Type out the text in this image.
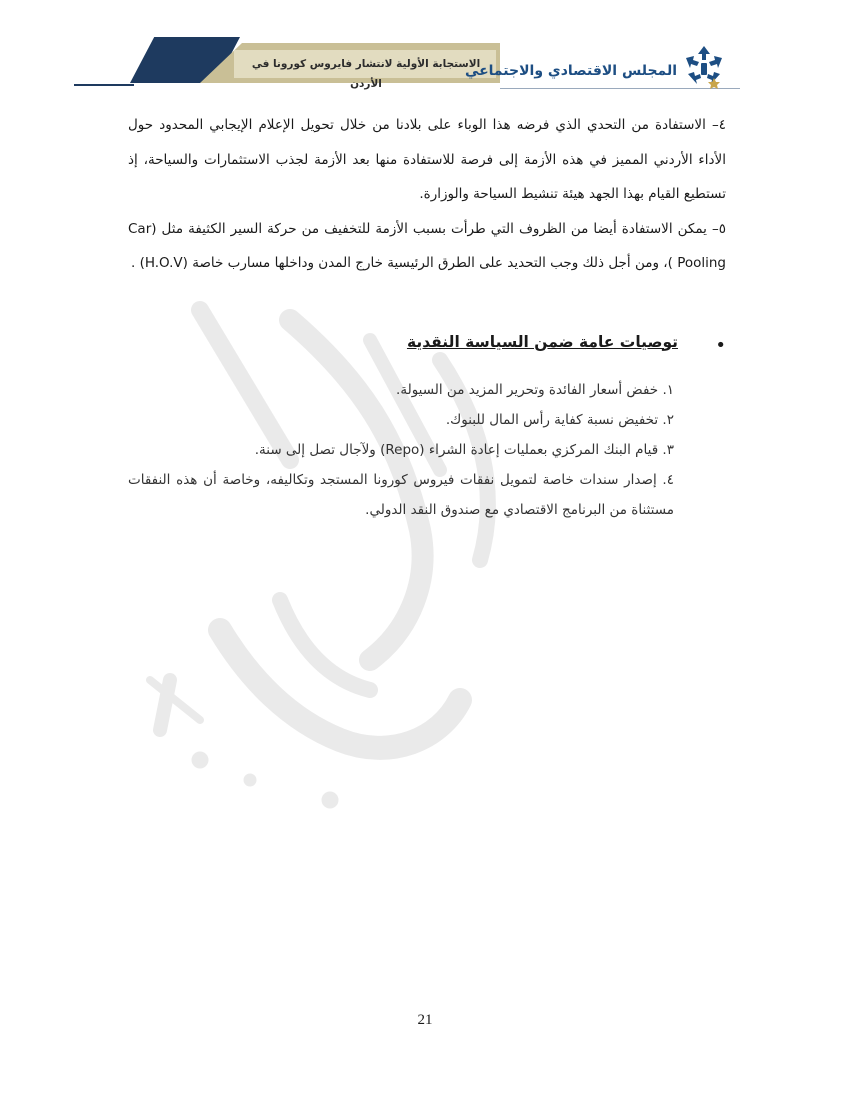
الاستجابة الأولية لانتشار فايروس كورونا في الأردن
المجلس الاقتصادي والاجتماعي

٤– الاستفادة من التحدي الذي فرضه هذا الوباء على بلادنا من خلال تحويل الإعلام الإيجابي المحدود حول الأداء الأردني المميز في هذه الأزمة إلى فرصة للاستفادة منها بعد الأزمة لجذب الاستثمارات والسياحة، إذ تستطيع القيام بهذا الجهد هيئة تنشيط السياحة والوزارة.

٥– يمكن الاستفادة أيضا من الظروف التي طرأت بسبب الأزمة للتخفيف من حركة السير الكثيفة مثل (Car Pooling )، ومن أجل ذلك وجب التحديد على الطرق الرئيسية خارج المدن وداخلها مسارب خاصة (H.O.V) .

•
توصيات عامة ضمن السياسة النقدية

١. خفض أسعار الفائدة وتحرير المزيد من السيولة.

٢. تخفيض نسبة كفاية رأس المال للبنوك.

٣. قيام البنك المركزي بعمليات إعادة الشراء (Repo) ولآجال تصل إلى سنة.

٤. إصدار سندات خاصة لتمويل نفقات فيروس كورونا المستجد وتكاليفه، وخاصة أن هذه النفقات مستثناة من البرنامج الاقتصادي مع صندوق النقد الدولي.

21
